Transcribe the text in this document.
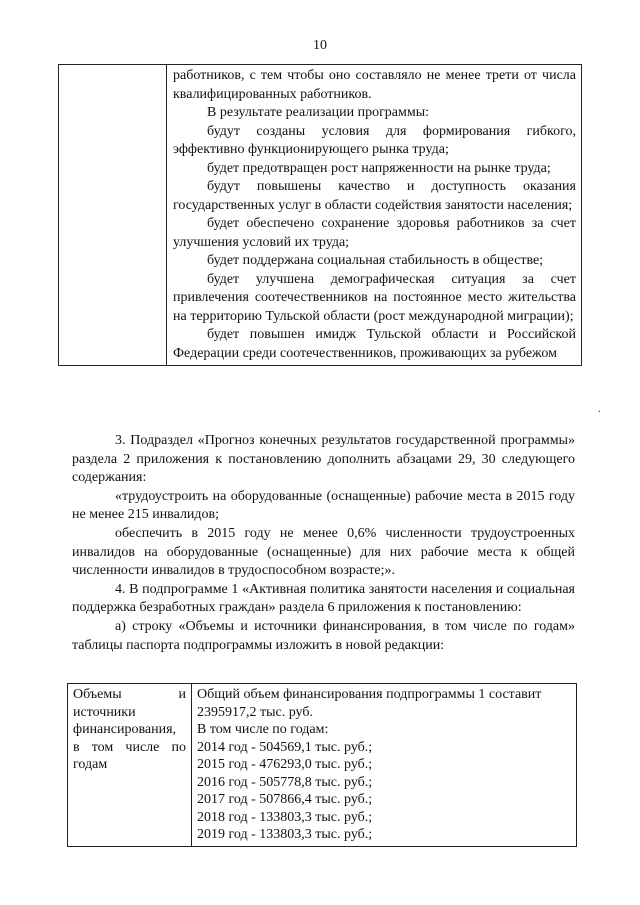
10

работников, с тем чтобы оно составляло не менее трети от числа квалифицированных работников.
В результате реализации программы:
будут созданы условия для формирования гибкого, эффективно функционирующего рынка труда;
будет предотвращен рост напряженности на рынке труда;
будут повышены качество и доступность оказания государственных услуг в области содействия занятости населения;
будет обеспечено сохранение здоровья работников за счет улучшения условий их труда;
будет поддержана социальная стабильность в обществе;
будет улучшена демографическая ситуация за счет привлечения соотечественников на постоянное место жительства на территорию Тульской области (рост международной миграции);
будет повышен имидж Тульской области и Российской Федерации среди соотечественников, проживающих за рубежом
.

3. Подраздел «Прогноз конечных результатов государственной программы» раздела 2 приложения к постановлению дополнить абзацами 29, 30 следующего содержания:

«трудоустроить на оборудованные (оснащенные) рабочие места в 2015 году не менее 215 инвалидов;

обеспечить в 2015 году не менее 0,6% численности трудоустроенных инвалидов на оборудованные (оснащенные) для них рабочие места к общей численности инвалидов в трудоспособном возрасте;».

4. В подпрограмме 1 «Активная политика занятости населения и социальная поддержка безработных граждан» раздела 6 приложения к постановлению:

а) строку «Объемы и источники финансирования, в том числе по годам» таблицы паспорта подпрограммы изложить в новой редакции:

Объемы и источники финансирования, в том числе по годам	
Общий объем финансирования подпрограммы 1 составит 2395917,2 тыс. руб.
В том числе по годам:
2014 год - 504569,1 тыс. руб.;
2015 год - 476293,0 тыс. руб.;
2016 год - 505778,8 тыс. руб.;
2017 год - 507866,4 тыс. руб.;
2018 год - 133803,3 тыс. руб.;
2019 год - 133803,3 тыс. руб.;
